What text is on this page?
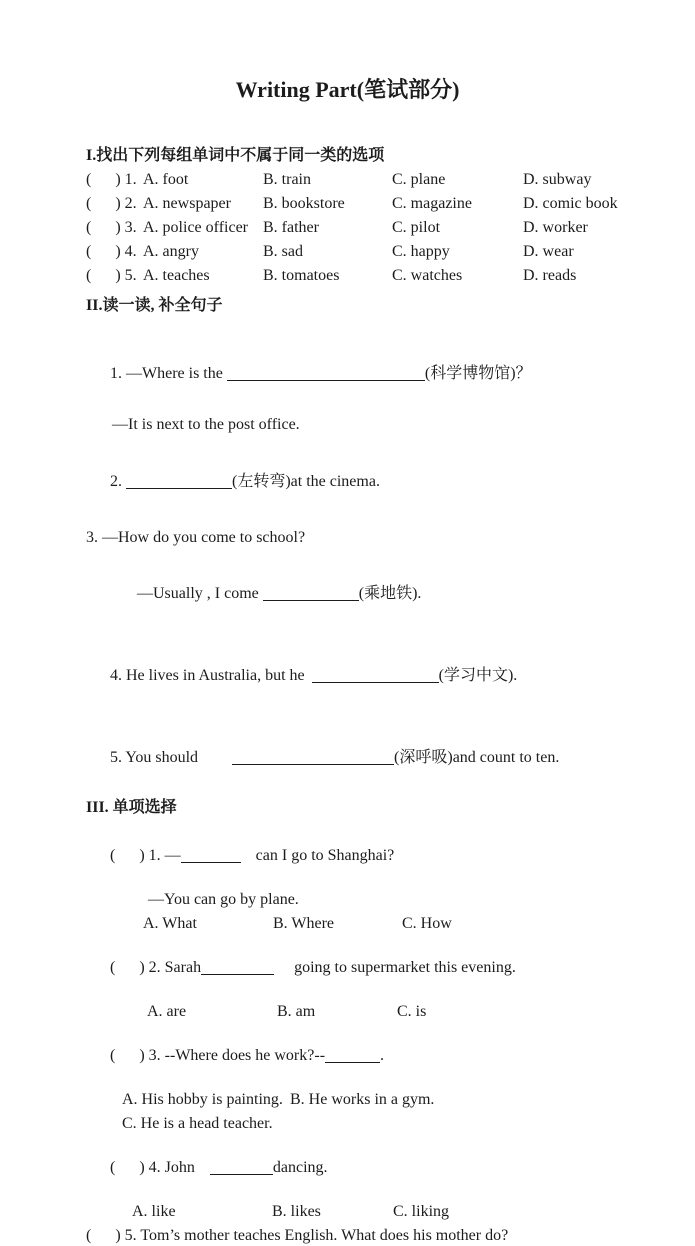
Writing Part(笔试部分)
I.找出下列每组单词中不属于同一类的选项
(      ) 1. A. foot	B. train	C. plane	D. subway
(      ) 2. A. newspaper	B. bookstore	C. magazine	D. comic book
(      ) 3. A. police officer B. father	C. pilot	D. worker
(      ) 4. A. angry	B. sad	C. happy	D. wear
(      ) 5. A. teaches	B. tomatoes	C. watches	D. reads
II.读一读, 补全句子

1. —Where is the	(科学博物馆)？

—It is next to the post office.

2.	(左转弯)at the cinema.

3. —How do you come to school?

—Usually , I come	(乘地铁).

4. He lives in Australia, but he	(学习中文).

5. You should	(深呼吸)and count to ten.

III. 单项选择

(      ) 1. —	can I go to Shanghai?

—You can go by plane.
A. What	B. Where	C. How

(      ) 2. Sarah	going to supermarket this evening.

A. are	B. am	C. is

(      ) 3. --Where does he work?--	.

A. His hobby is painting. B. He works in a gym.
C. He is a head teacher.

(      ) 4. John	dancing.

A. like	B. likes	C. liking
(      ) 5. Tom’s mother teaches English. What does his mother do?
